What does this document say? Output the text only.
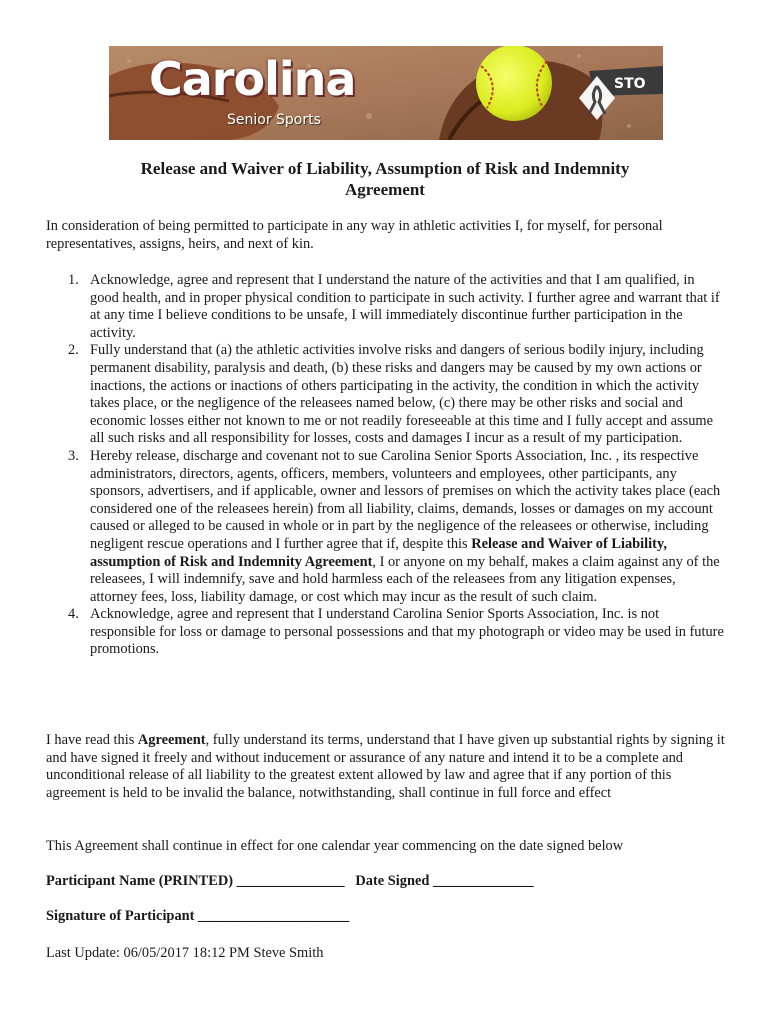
STO
Carolina
Senior Sports
Release and Waiver of Liability, Assumption of Risk and Indemnity
Agreement
In consideration of being permitted to participate in any way in athletic activities I, for myself, for personal representatives, assigns, heirs, and next of kin.
1. Acknowledge, agree and represent that I understand the nature of the activities and that I am qualified, in good health, and in proper physical condition to participate in such activity. I further agree and warrant that if at any time I believe conditions to be unsafe, I will immediately discontinue further participation in the activity.
2. Fully understand that (a) the athletic activities involve risks and dangers of serious bodily injury, including permanent disability, paralysis and death, (b) these risks and dangers may be caused by my own actions or inactions, the actions or inactions of others participating in the activity, the condition in which the activity takes place, or the negligence of the releasees named below, (c) there may be other risks and social and economic losses either not known to me or not readily foreseeable at this time and I fully accept and assume all such risks and all responsibility for losses, costs and damages I incur as a result of my participation.
3. Hereby release, discharge and covenant not to sue Carolina Senior Sports Association, Inc. , its respective administrators, directors, agents, officers, members, volunteers and employees, other participants, any sponsors, advertisers, and if applicable, owner and lessors of premises on which the activity takes place (each considered one of the releasees herein) from all liability, claims, demands, losses or damages on my account caused or alleged to be caused in whole or in part by the negligence of the releasees or otherwise, including negligent rescue operations and I further agree that if, despite this Release and Waiver of Liability, assumption of Risk and Indemnity Agreement, I or anyone on my behalf, makes a claim against any of the releasees, I will indemnify, save and hold harmless each of the releasees from any litigation expenses, attorney fees, loss, liability damage, or cost which may incur as the result of such claim.
4. Acknowledge, agree and represent that I understand Carolina Senior Sports Association, Inc. is not responsible for loss or damage to personal possessions and that my photograph or video may be used in future promotions.
I have read this Agreement, fully understand its terms, understand that I have given up substantial rights by signing it and have signed it freely and without inducement or assurance of any nature and intend it to be a complete and unconditional release of all liability to the greatest extent allowed by law and agree that if any portion of this agreement is held to be invalid the balance, notwithstanding, shall continue in full force and effect
This Agreement shall continue in effect for one calendar year commencing on the date signed below
Participant Name (PRINTED) _______________ Date Signed ______________
Signature of Participant _____________________
Last Update: 06/05/2017 18:12 PM Steve Smith
